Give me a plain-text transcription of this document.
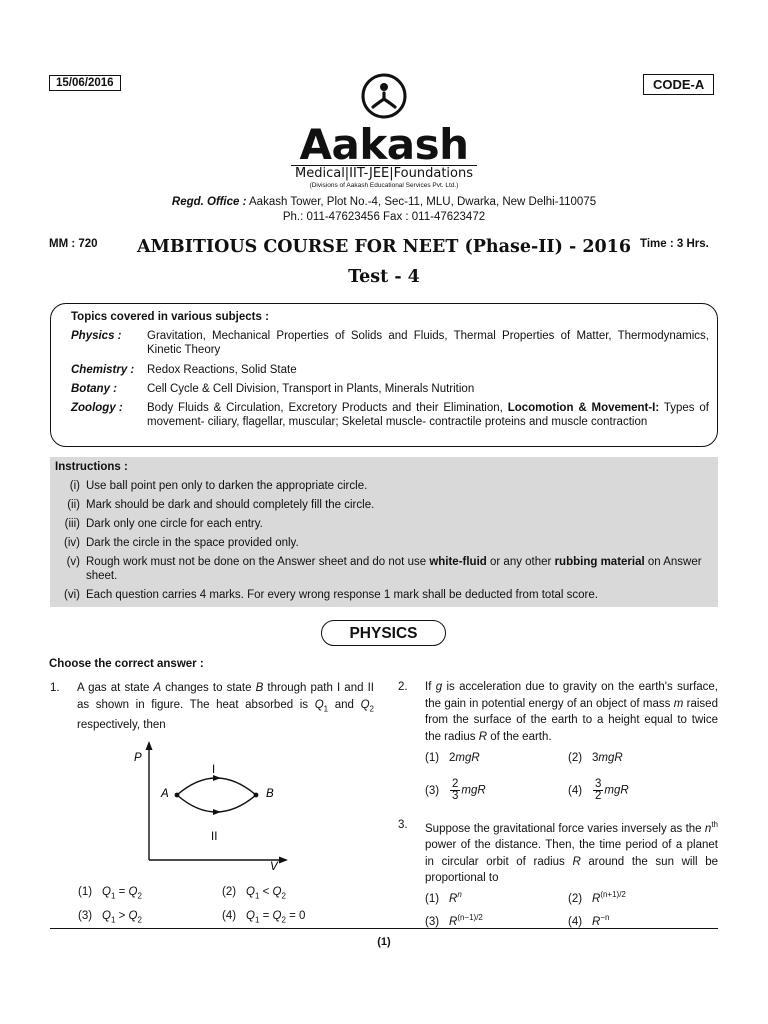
15/06/2016	CODE-A
Aakash
Medical|IIT-JEE|Foundations
(Divisions of Aakash Educational Services Pvt. Ltd.)
Regd. Office : Aakash Tower, Plot No.-4, Sec-11, MLU, Dwarka, New Delhi-110075
Ph.: 011-47623456 Fax : 011-47623472
MM : 720	Time : 3 Hrs.
AMBITIOUS COURSE FOR NEET (Phase-II) - 2016
Test - 4
Topics covered in various subjects :
Physics : Gravitation, Mechanical Properties of Solids and Fluids, Thermal Properties of Matter, Thermodynamics, Kinetic Theory
Chemistry : Redox Reactions, Solid State
Botany :	Cell Cycle & Cell Division, Transport in Plants, Minerals Nutrition
Zoology : Body Fluids & Circulation, Excretory Products and their Elimination, Locomotion & Movement-I: Types of movement- ciliary, flagellar, muscular; Skeletal muscle- contractile proteins and muscle contraction
Instructions :
(i) Use ball point pen only to darken the appropriate circle.
(ii) Mark should be dark and should completely fill the circle.
(iii) Dark only one circle for each entry.
(iv) Dark the circle in the space provided only.
(v) Rough work must not be done on the Answer sheet and do not use white-fluid or any other rubbing material on Answer sheet.
(vi) Each question carries 4 marks. For every wrong response 1 mark shall be deducted from total score.
PHYSICS
Choose the correct answer :
1. A gas at state A changes to state B through path I and II as shown in figure. The heat absorbed is $Q_1$ and $Q_2$ respectively, then
P
V
A	B
I
II
(1) $Q_1 = Q_2$	(2) $Q_1 < Q_2$
(3) $Q_1 > Q_2$	(4) $Q_1 = Q_2 = 0$
2. If g is acceleration due to gravity on the earth's surface, the gain in potential energy of an object of mass m raised from the surface of the earth to a height equal to twice the radius R of the earth.
(1) 2mgR	(2) 3mgR
$(3) \frac{2}{3}$ mgR	$(4) \frac{3}{2}$ mgR
3. Suppose the gravitational force varies inversely as the $n^{th}$ power of the distance. Then, the time period of a planet in circular orbit of radius R around the sun will be proportional to
(1) $R^n$	(2) $R^{(n+1)/2}$
(3) $R^{(n-1)/2}$	(4) $R^{-n}$
(1)
